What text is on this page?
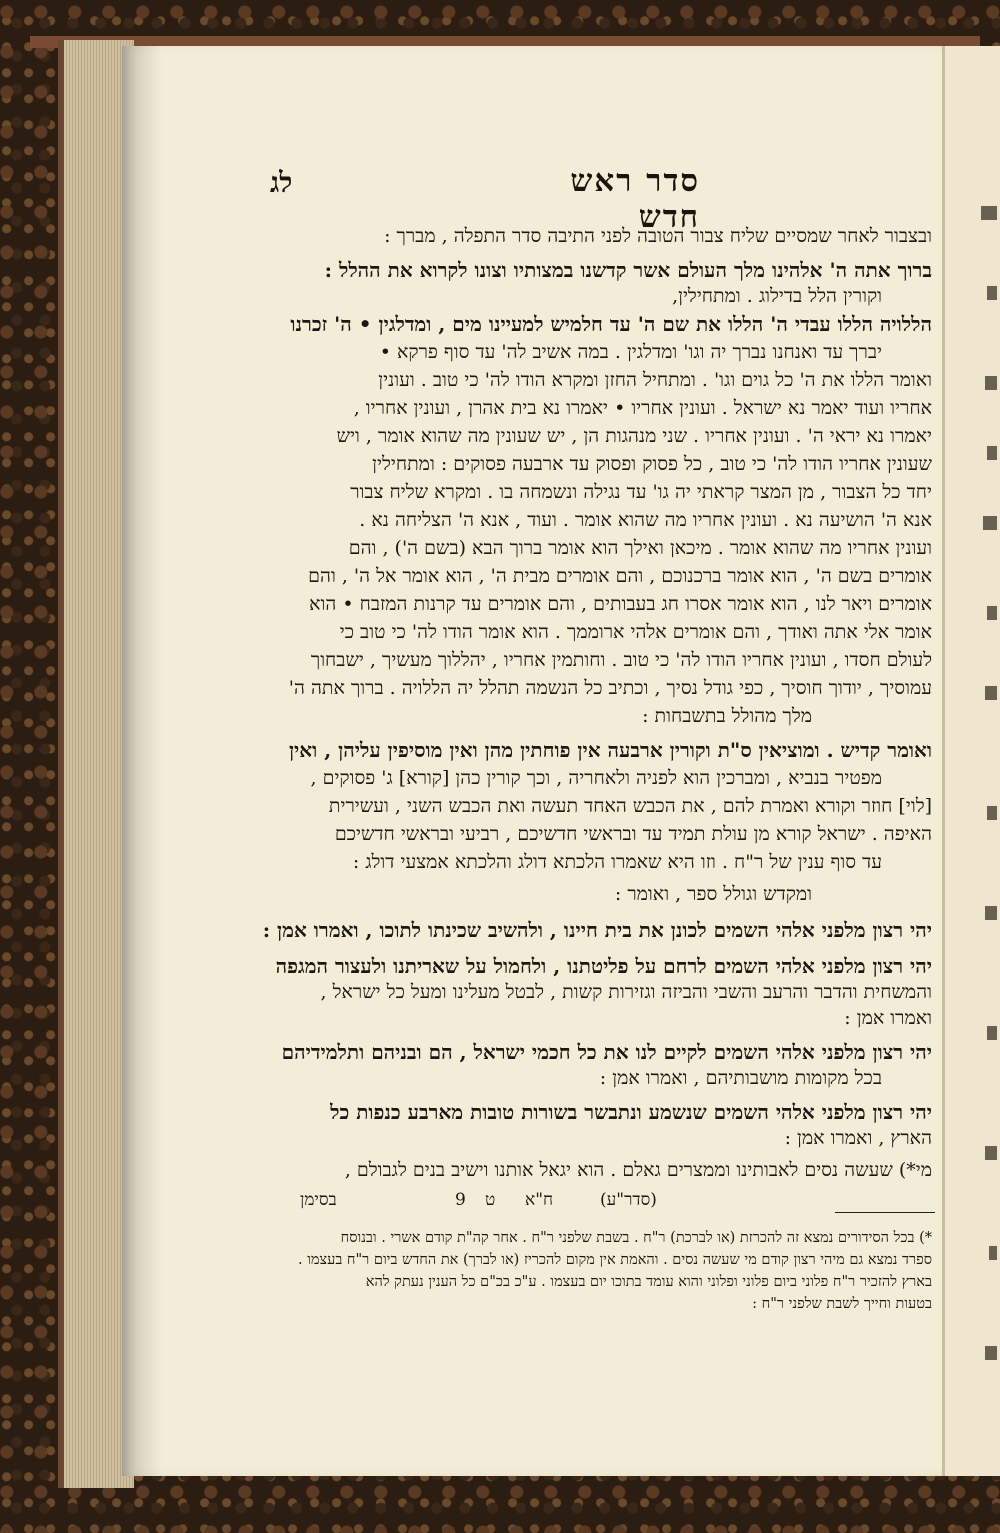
סדר ראש חדש
לג
ובצבור לאחר שמסיים שליח צבור הטובה לפני התיבה סדר התפלה , מברך :
ברוך אתה ה' אלהינו מלך העולם אשר קדשנו במצותיו וצונו לקרוא את ההלל :
וקורין הלל בדילוג . ומתחילין,
הללויה הללו עבדי ה' הללו את שם ה' עד חלמיש למעיינו מים , ומדלגין • ה' זכרנו
יברך עד ואנחנו נברך יה וגו' ומדלגין . במה אשיב לה' עד סוף פרקא •
ואומר הללו את ה' כל גוים וגו' . ומתחיל החזן ומקרא הודו לה' כי טוב . ועונין
אחריו ועוד יאמר נא ישראל . ועונין אחריו • יאמרו נא בית אהרן , ועונין אחריו ,
יאמרו נא יראי ה' . ועונין אחריו . שני מנהגות הן , יש שעונין מה שהוא אומר , ויש
שעונין אחריו הודו לה' כי טוב , כל פסוק ופסוק עד ארבעה פסוקים : ומתחילין
יחד כל הצבור , מן המצר קראתי יה גו' עד נגילה ונשמחה בו . ומקרא שליח צבור
אנא ה' הושיעה נא . ועונין אחריו מה שהוא אומר . ועוד , אנא ה' הצליחה נא .
ועונין אחריו מה שהוא אומר . מיכאן ואילך הוא אומר ברוך הבא (בשם ה') , והם
אומרים בשם ה' , הוא אומר ברכנוכם , והם אומרים מבית ה' , הוא אומר אל ה' , והם
אומרים ויאר לנו , הוא אומר אסרו חג בעבותים , והם אומרים עד קרנות המזבח • הוא
אומר אלי אתה ואודך , והם אומרים אלהי ארוממך . הוא אומר הודו לה' כי טוב כי
לעולם חסדו , ועונין אחריו הודו לה' כי טוב . וחותמין אחריו , יהללוך מעשיך , ישבחוך
עמוסיך , יודוך חוסיך , כפי גודל נסיך , וכתיב כל הנשמה תהלל יה הללויה . ברוך אתה ה'
מלך מהולל בתשבחות :
ואומר קדיש . ומוציאין ס"ת וקורין ארבעה אין פוחתין מהן ואין מוסיפין עליהן , ואין
מפטיר בנביא , ומברכין הוא לפניה ולאחריה , וכך קורין כהן [קורא] ג' פסוקים ,
[לוי] חוזר וקורא ואמרת להם , את הכבש האחד תעשה ואת הכבש השני , ועשירית
האיפה . ישראל קורא מן עולת תמיד עד ובראשי חדשיכם , רביעי ובראשי חדשיכם
עד סוף ענין של ר"ח . וזו היא שאמרו הלכתא דולג והלכתא אמצעי דולג :
ומקדש וגולל ספר , ואומר :
יהי רצון מלפני אלהי השמים לכונן את בית חיינו , ולהשיב שכינתו לתוכו , ואמרו אמן :
יהי רצון מלפני אלהי השמים לרחם על פליטתנו , ולחמול על שאריתנו ולעצור המגפה
והמשחית והדבר והרעב והשבי והביזה וגזירות קשות , לבטל מעלינו ומעל כל ישראל ,
ואמרו אמן :
יהי רצון מלפני אלהי השמים לקיים לנו את כל חכמי ישראל , הם ובניהם ותלמידיהם
בכל מקומות מושבותיהם , ואמרו אמן :
יהי רצון מלפני אלהי השמים שנשמע ונתבשר בשורות טובות מארבע כנפות כל
הארץ , ואמרו אמן :
מי*) שעשה נסים לאבותינו וממצרים גאלם . הוא יגאל אותנו וישיב בנים לגבולם ,
בסימן	ח"א
ט
9	(סדר"ע)
*) בכל הסידורים נמצא זה להכרזת (או לברכת) ר"ח . בשבת שלפני ר"ח . אחר קה"ת קודם אשרי . ובנוסח
ספרד נמצא גם מיהי רצון קודם מי שעשה נסים . והאמת אין מקום להכריז (או לברך) את החדש ביום ר"ח בעצמו .
בארץ להזכיר ר"ח פלוני ביום פלוני ופלוני והוא עומד בתוכו יום בעצמו . ע"כ בכ"ם כל הענין נעתק להא
בטעות וחייך לשבת שלפני ר"ח :
